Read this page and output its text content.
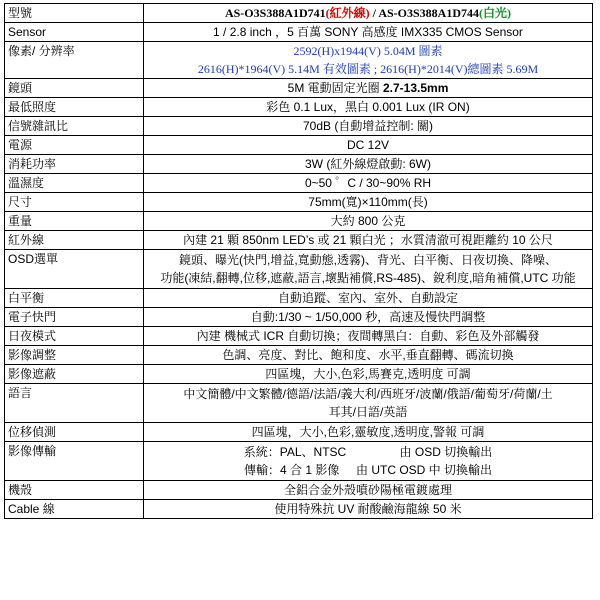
型號	AS-O3S388A1D741(紅外線) / AS-O3S388A1D744(白光)
Sensor	1 / 2.8 inch ，5 百萬 SONY 高感度 IMX335 CMOS Sensor
像素/ 分辨率	2592(H)x1944(V) 5.04M 圖素
2616(H)*1964(V) 5.14M 有效圖素 ; 2616(H)*2014(V)總圖素 5.69M

鏡頭	5M 電動固定光圈 2.7-13.5mm
最低照度	彩色 0.1 Lux，黑白 0.001 Lux (IR ON)
信號雜訊比	70dB (自動增益控制: 關)
電源	DC 12V
消耗功率	3W (紅外線燈啟動: 6W)
溫濕度	0~50 ゜C / 30~90% RH
尺寸	75mm(寬)×110mm(長)
重量	大約 800 公克
紅外線	內建 21 顆 850nm LED’s 或 21 顆白光 ；水質清澈可視距離約 10 公尺
OSD選單	鏡頭、曝光(快門,增益,寬動態,透霧)、背光、白平衡、日夜切換、降噪、
功能(凍結,翻轉,位移,遮蔽,語言,壞點補償,RS-485)、銳利度,暗角補償,UTC 功能

白平衡	自動追蹤、室內、室外、自動設定
電子快門	自動:1/30 ~ 1/50,000 秒，高速及慢快門調整
日夜模式	內建 機械式 ICR 自動切換；夜間轉黑白：自動、彩色及外部觸發
影像調整	色調、亮度、對比、飽和度、水平,垂直翻轉、碼流切換
影像遮蔽	四區塊，大小,色彩,馬賽克,透明度 可調
語言	中文簡體/中文繁體/德語/法語/義大利/西班牙/波蘭/俄語/葡萄牙/荷蘭/土
耳其/日語/英語

位移偵測	四區塊，大小,色彩,靈敏度,透明度,警報 可調
影像傳輸	系統：PAL、NTSC                由 OSD 切換輸出
傳輸：4 合 1 影像     由 UTC OSD 中 切換輸出

機殼	全鋁合金外殼噴砂陽極電鍍處理
Cable 線	使用特殊抗 UV 耐酸鹼海龍線 50 米
